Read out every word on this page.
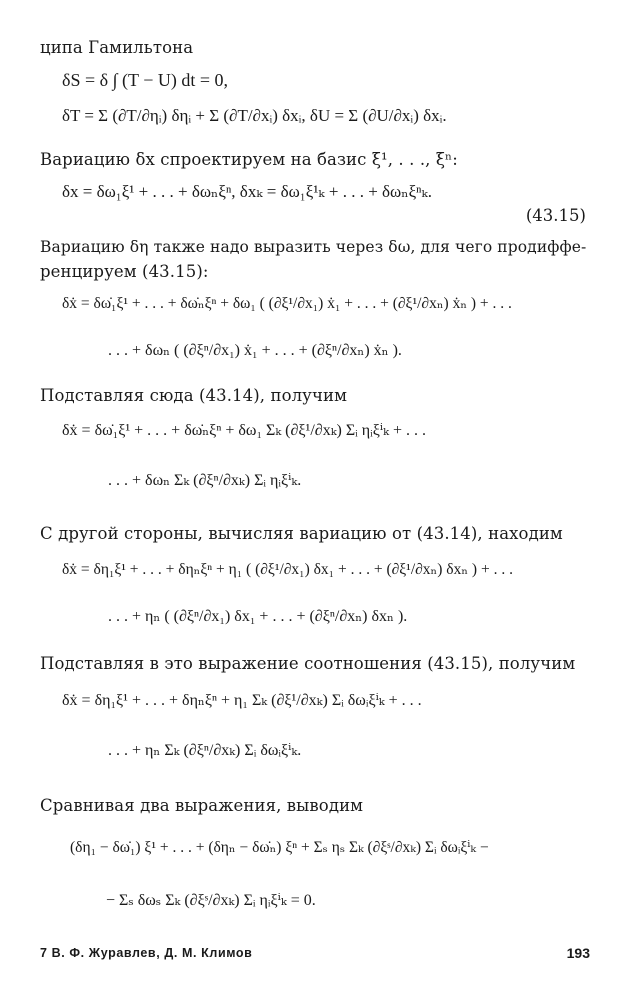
ципа Гамильтона
δS = δ ∫ (T − U) dt = 0,
δT = Σ (∂T/∂ηᵢ) δηᵢ + Σ (∂T/∂xᵢ) δxᵢ, δU = Σ (∂U/∂xᵢ) δxᵢ.
Вариацию δx спроектируем на базис ξ¹, . . ., ξⁿ:
δx = δω₁ξ¹ + . . . + δωₙξⁿ, δxₖ = δω₁ξ¹ₖ + . . . + δωₙξⁿₖ.
(43.15)
Вариацию δη также надо выразить через δω, для чего продиффе-
ренцируем (43.15):
δẋ = δω̇₁ξ¹ + . . . + δω̇ₙξⁿ + δω₁ ( (∂ξ¹/∂x₁) ẋ₁ + . . . + (∂ξ¹/∂xₙ) ẋₙ ) + . . .
. . . + δωₙ ( (∂ξⁿ/∂x₁) ẋ₁ + . . . + (∂ξⁿ/∂xₙ) ẋₙ ).
Подставляя сюда (43.14), получим
δẋ = δω̇₁ξ¹ + . . . + δω̇ₙξⁿ + δω₁ Σₖ (∂ξ¹/∂xₖ) Σᵢ ηᵢξⁱₖ + . . .
. . . + δωₙ Σₖ (∂ξⁿ/∂xₖ) Σᵢ ηᵢξⁱₖ.
С другой стороны, вычисляя вариацию от (43.14), находим
δẋ = δη₁ξ¹ + . . . + δηₙξⁿ + η₁ ( (∂ξ¹/∂x₁) δx₁ + . . . + (∂ξ¹/∂xₙ) δxₙ ) + . . .
. . . + ηₙ ( (∂ξⁿ/∂x₁) δx₁ + . . . + (∂ξⁿ/∂xₙ) δxₙ ).
Подставляя в это выражение соотношения (43.15), получим
δẋ = δη₁ξ¹ + . . . + δηₙξⁿ + η₁ Σₖ (∂ξ¹/∂xₖ) Σᵢ δωᵢξⁱₖ + . . .
. . . + ηₙ Σₖ (∂ξⁿ/∂xₖ) Σᵢ δωᵢξⁱₖ.
Сравнивая два выражения, выводим
(δη₁ − δω̇₁) ξ¹ + . . . + (δηₙ − δω̇ₙ) ξⁿ + Σₛ ηₛ Σₖ (∂ξˢ/∂xₖ) Σᵢ δωᵢξⁱₖ −
− Σₛ δωₛ Σₖ (∂ξˢ/∂xₖ) Σᵢ ηᵢξⁱₖ = 0.
7 В. Ф. Журавлев, Д. М. Климов	193
